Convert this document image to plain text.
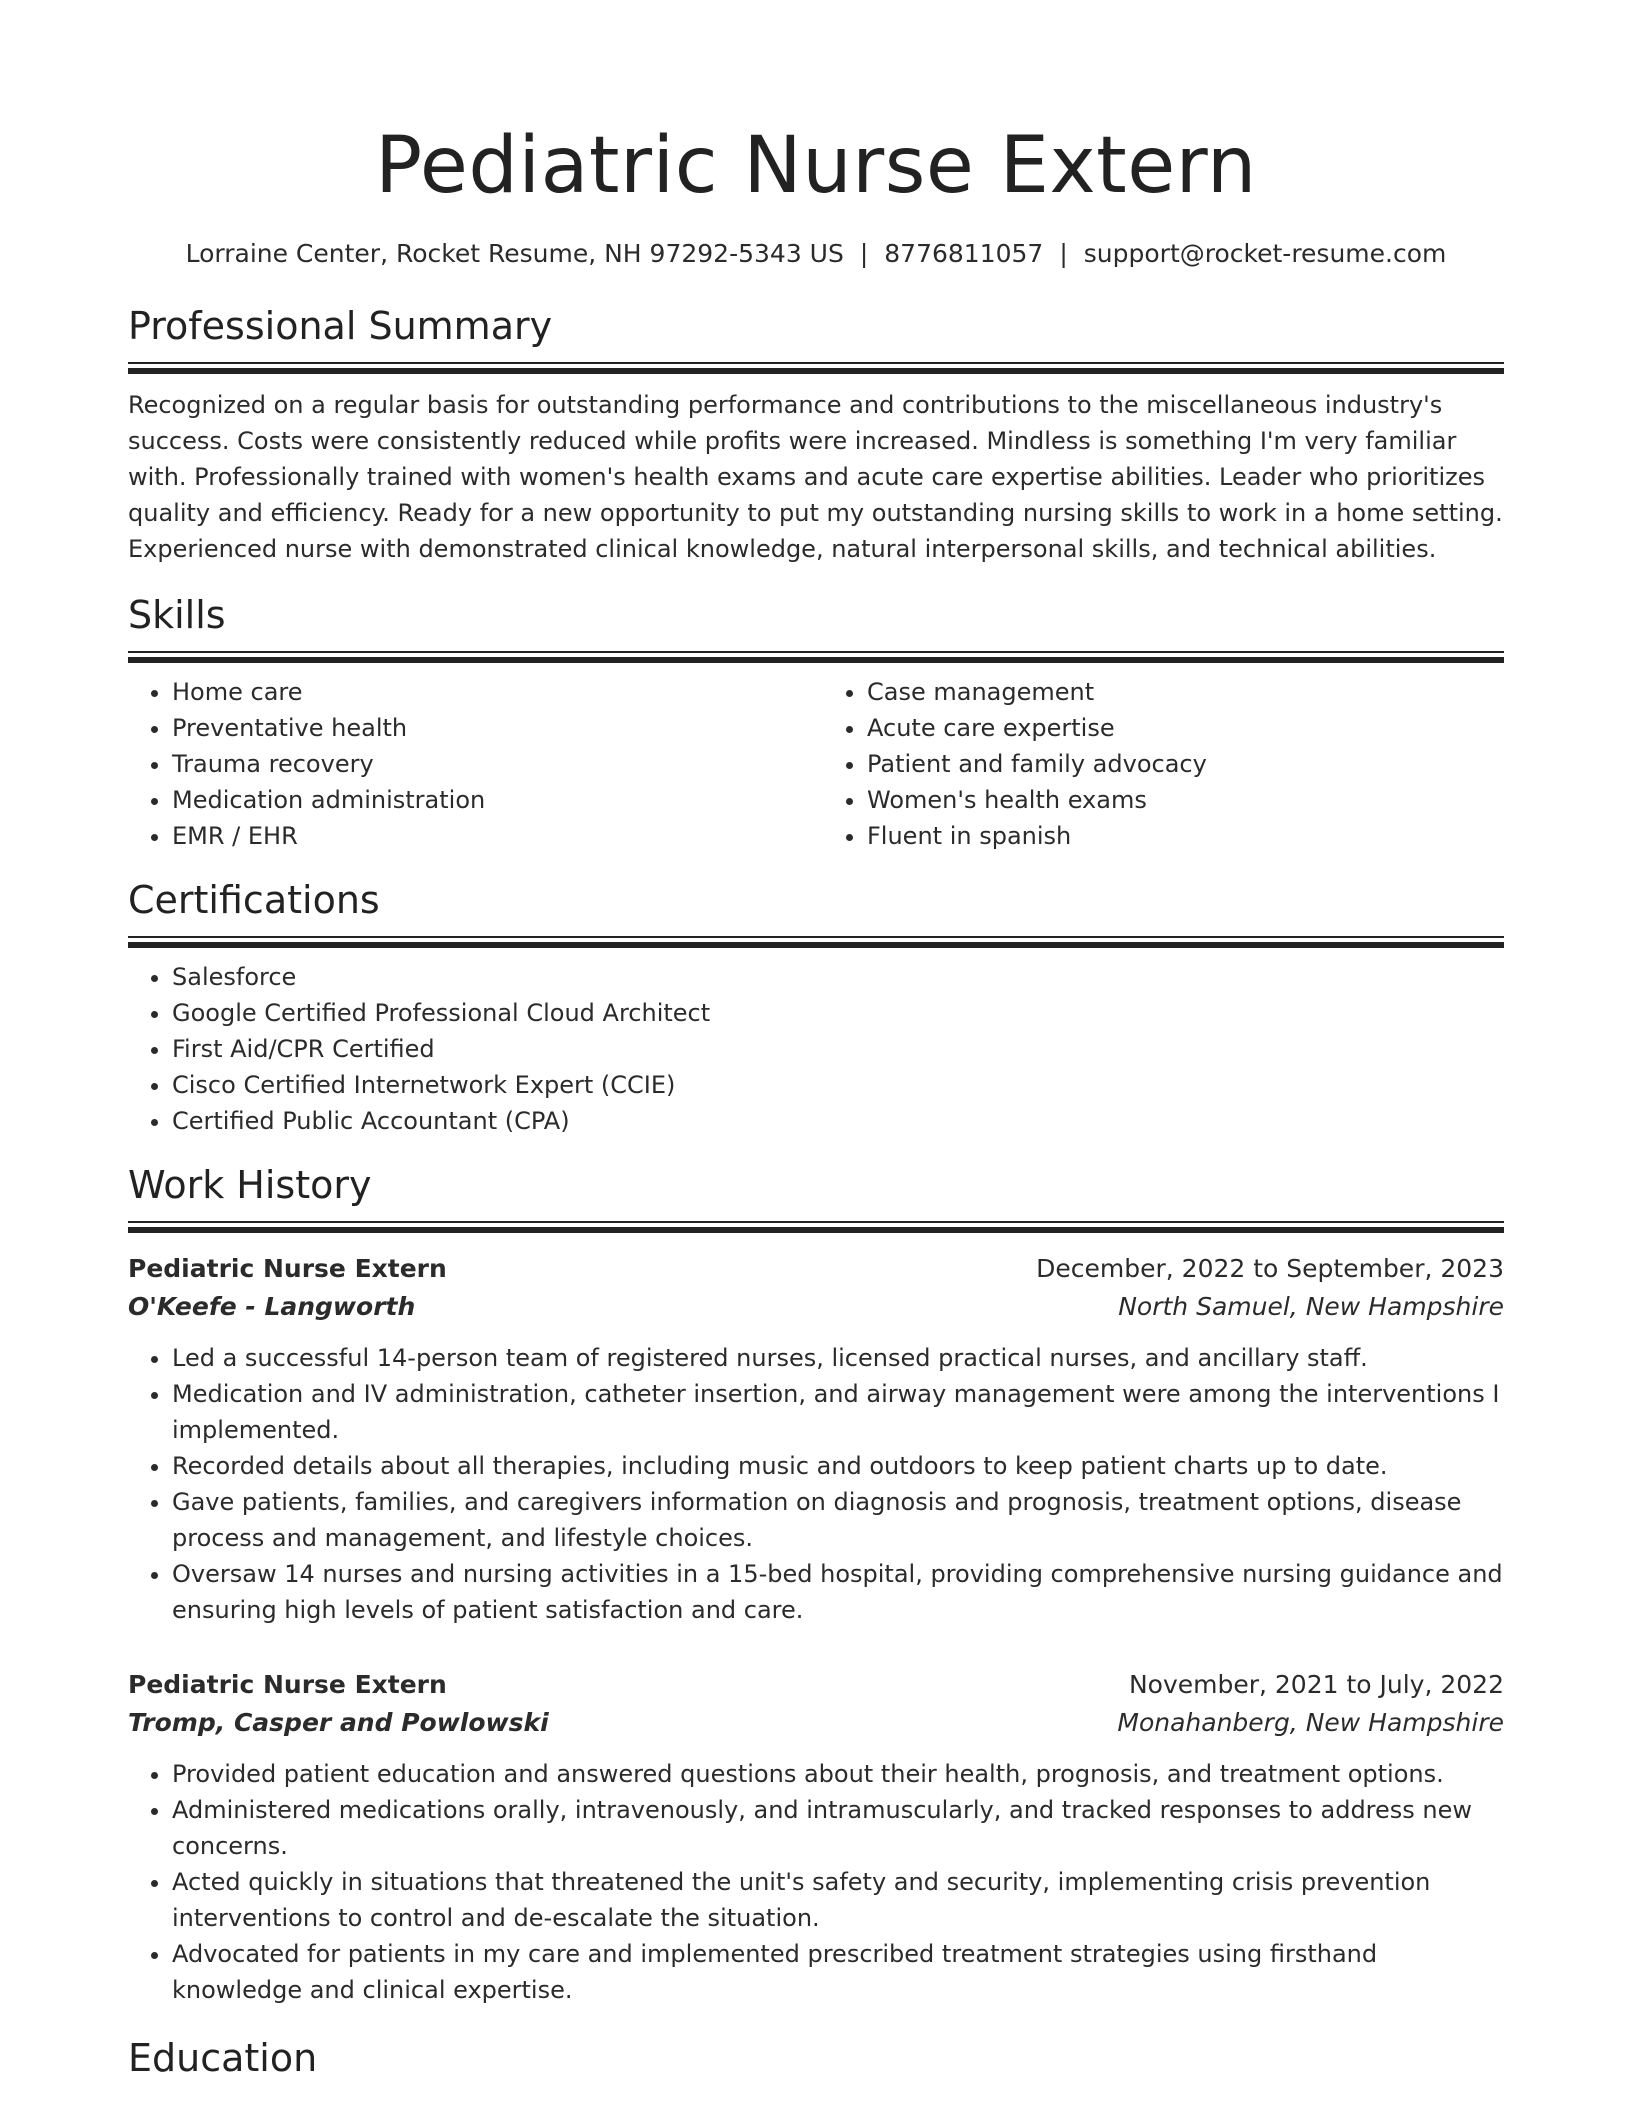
Pediatric Nurse Extern
Lorraine Center, Rocket Resume, NH 97292-5343 US | 8776811057 | support@rocket-resume.com
Professional Summary
Recognized on a regular basis for outstanding performance and contributions to the miscellaneous industry's success. Costs were consistently reduced while profits were increased. Mindless is something I'm very familiar with. Professionally trained with women's health exams and acute care expertise abilities. Leader who prioritizes quality and efficiency. Ready for a new opportunity to put my outstanding nursing skills to work in a home setting. Experienced nurse with demonstrated clinical knowledge, natural interpersonal skills, and technical abilities.
Skills
• Home care
• Preventative health
• Trauma recovery
• Medication administration
• EMR / EHR
• Case management
• Acute care expertise
• Patient and family advocacy
• Women's health exams
• Fluent in spanish
Certifications
• Salesforce
• Google Certified Professional Cloud Architect
• First Aid/CPR Certified
• Cisco Certified Internetwork Expert (CCIE)
• Certified Public Accountant (CPA)
Work History
Pediatric Nurse Extern	December, 2022 to September, 2023
O'Keefe - Langworth	North Samuel, New Hampshire
• Led a successful 14-person team of registered nurses, licensed practical nurses, and ancillary staff.
• Medication and IV administration, catheter insertion, and airway management were among the interventions I implemented.
• Recorded details about all therapies, including music and outdoors to keep patient charts up to date.
• Gave patients, families, and caregivers information on diagnosis and prognosis, treatment options, disease process and management, and lifestyle choices.
• Oversaw 14 nurses and nursing activities in a 15-bed hospital, providing comprehensive nursing guidance and ensuring high levels of patient satisfaction and care.
Pediatric Nurse Extern	November, 2021 to July, 2022
Tromp, Casper and Powlowski	Monahanberg, New Hampshire
• Provided patient education and answered questions about their health, prognosis, and treatment options.
• Administered medications orally, intravenously, and intramuscularly, and tracked responses to address new concerns.
• Acted quickly in situations that threatened the unit's safety and security, implementing crisis prevention interventions to control and de-escalate the situation.
• Advocated for patients in my care and implemented prescribed treatment strategies using firsthand knowledge and clinical expertise.
Education
